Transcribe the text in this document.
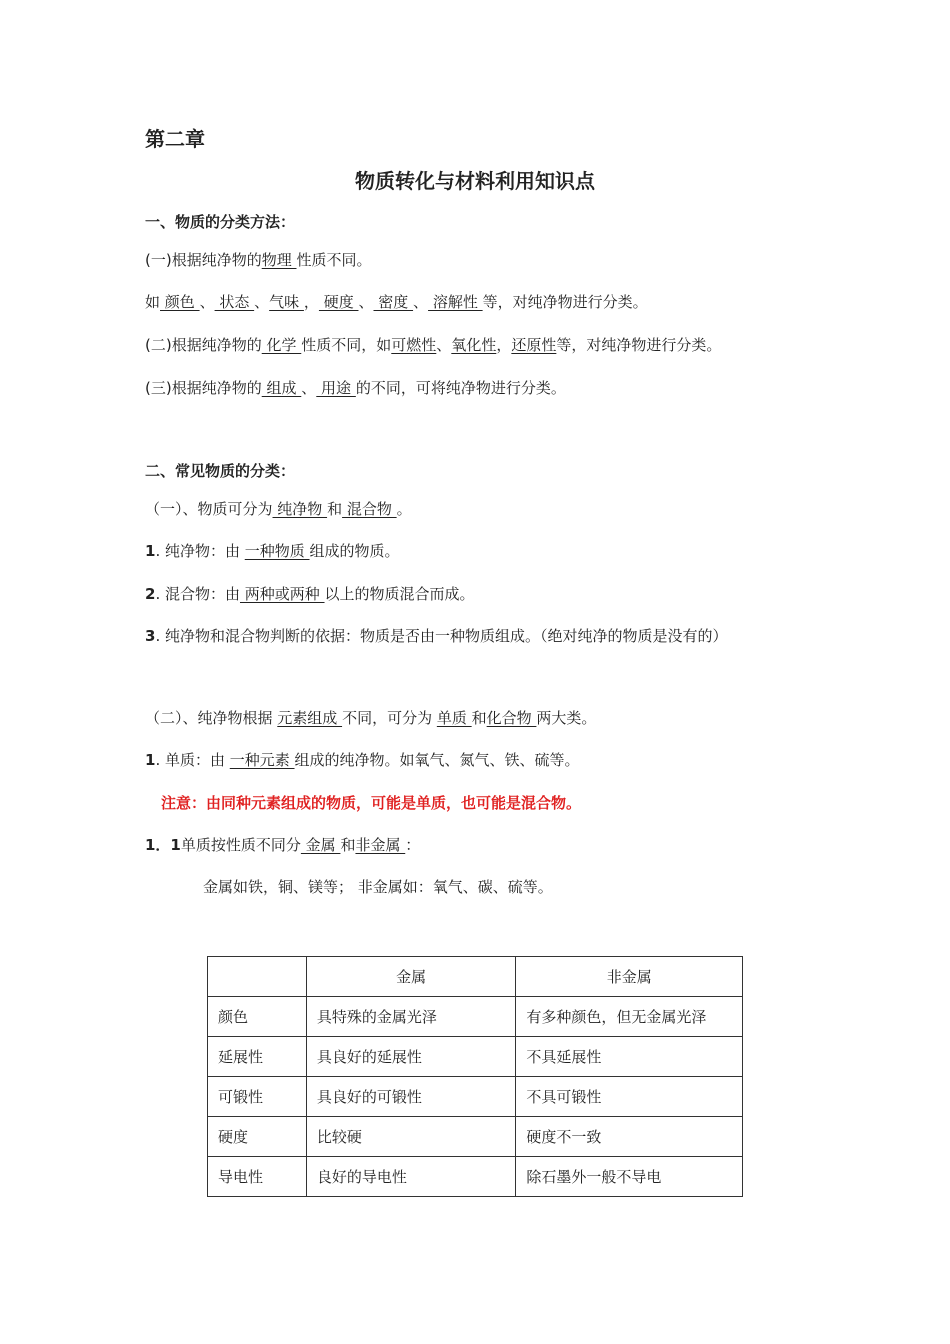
第二章
物质转化与材料利用知识点
一、物质的分类方法：
(一)根据纯净物的物理 性质不同。
如 颜色 、 状态 、气味 ， 硬度 、 密度 、 溶解性 等，对纯净物进行分类。
(二)根据纯净物的 化学 性质不同，如可燃性、氧化性，还原性等，对纯净物进行分类。
(三)根据纯净物的 组成 、 用途 的不同，可将纯净物进行分类。
二、常见物质的分类：
（一）、物质可分为 纯净物 和 混合物 。
1. 纯净物：由 一种物质 组成的物质。
2. 混合物：由 两种或两种 以上的物质混合而成。
3. 纯净物和混合物判断的依据：物质是否由一种物质组成。（绝对纯净的物质是没有的）
（二）、纯净物根据 元素组成 不同，可分为 单质 和化合物 两大类。
1. 单质：由 一种元素 组成的纯净物。如氧气、氮气、铁、硫等。
注意：由同种元素组成的物质，可能是单质，也可能是混合物。
1．1单质按性质不同分 金属 和非金属 ：
金属如铁，铜、镁等； 非金属如：氧气、碳、硫等。
	金属	非金属
颜色	具特殊的金属光泽	有多种颜色，但无金属光泽
延展性	具良好的延展性	不具延展性
可锻性	具良好的可锻性	不具可锻性
硬度	比较硬	硬度不一致
导电性	良好的导电性	除石墨外一般不导电
